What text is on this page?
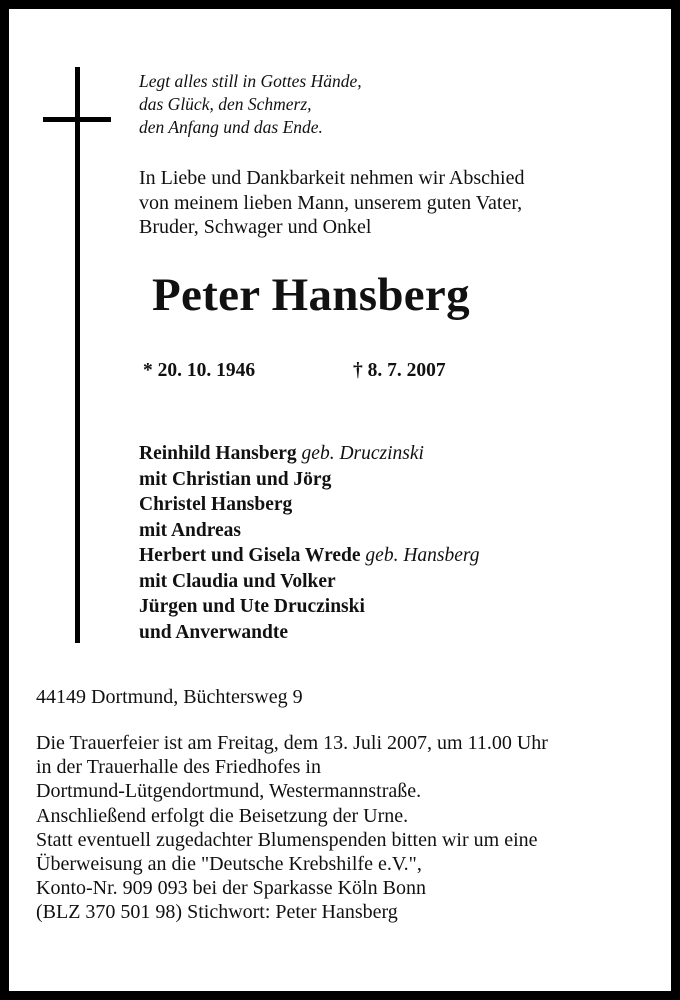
Legt alles still in Gottes Hände,
das Glück, den Schmerz,
den Anfang und das Ende.
In Liebe und Dankbarkeit nehmen wir Abschied
von meinem lieben Mann, unserem guten Vater,
Bruder, Schwager und Onkel
Peter Hansberg
* 20. 10. 1946	† 8. 7. 2007
Reinhild Hansberg geb. Druczinski
mit Christian und Jörg
Christel Hansberg
mit Andreas
Herbert und Gisela Wrede geb. Hansberg
mit Claudia und Volker
Jürgen und Ute Druczinski
und Anverwandte
44149 Dortmund, Büchtersweg 9
Die Trauerfeier ist am Freitag, dem 13. Juli 2007, um 11.00 Uhr
in der Trauerhalle des Friedhofes in
Dortmund-Lütgendortmund, Westermannstraße.
Anschließend erfolgt die Beisetzung der Urne.
Statt eventuell zugedachter Blumenspenden bitten wir um eine
Überweisung an die "Deutsche Krebshilfe e.V.",
Konto-Nr. 909 093 bei der Sparkasse Köln Bonn
(BLZ 370 501 98) Stichwort: Peter Hansberg
